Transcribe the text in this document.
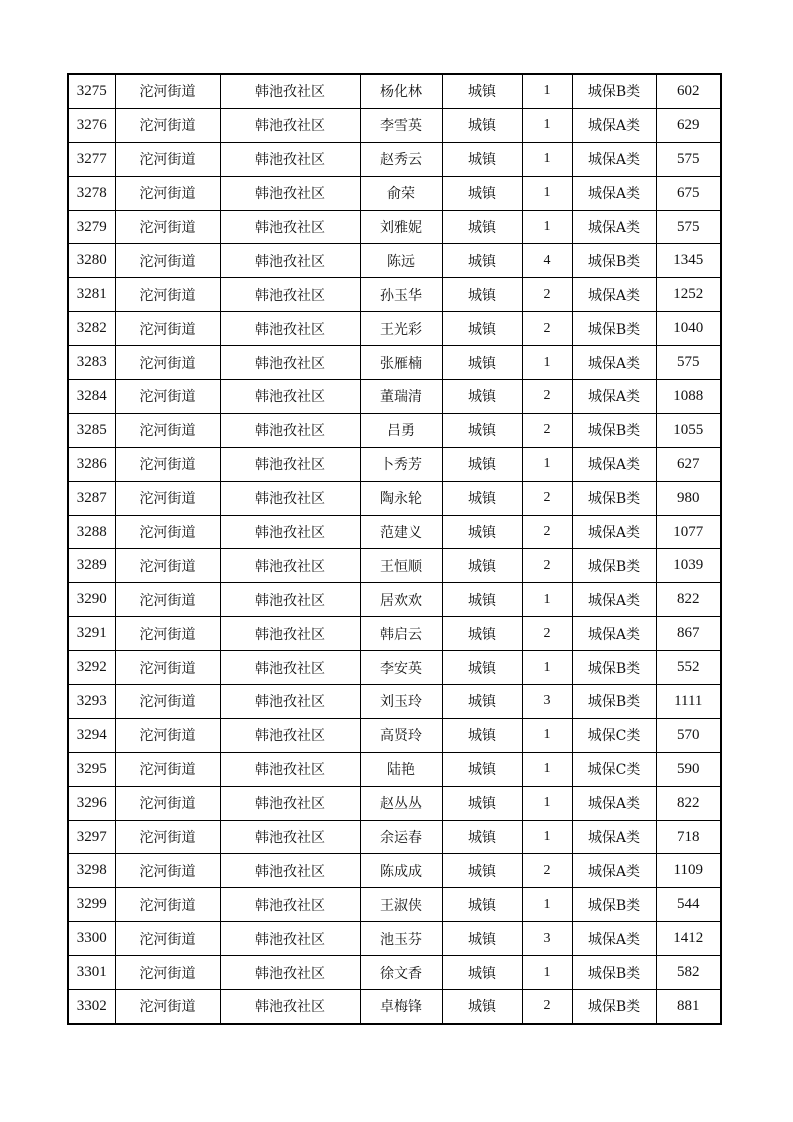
3275	沱河街道	韩池孜社区	杨化林	城镇	1	城保B类	602
3276	沱河街道	韩池孜社区	李雪英	城镇	1	城保A类	629
3277	沱河街道	韩池孜社区	赵秀云	城镇	1	城保A类	575
3278	沱河街道	韩池孜社区	俞荣	城镇	1	城保A类	675
3279	沱河街道	韩池孜社区	刘雅妮	城镇	1	城保A类	575
3280	沱河街道	韩池孜社区	陈远	城镇	4	城保B类	1345
3281	沱河街道	韩池孜社区	孙玉华	城镇	2	城保A类	1252
3282	沱河街道	韩池孜社区	王光彩	城镇	2	城保B类	1040
3283	沱河街道	韩池孜社区	张雁楠	城镇	1	城保A类	575
3284	沱河街道	韩池孜社区	董瑞清	城镇	2	城保A类	1088
3285	沱河街道	韩池孜社区	吕勇	城镇	2	城保B类	1055
3286	沱河街道	韩池孜社区	卜秀芳	城镇	1	城保A类	627
3287	沱河街道	韩池孜社区	陶永轮	城镇	2	城保B类	980
3288	沱河街道	韩池孜社区	范建义	城镇	2	城保A类	1077
3289	沱河街道	韩池孜社区	王恒顺	城镇	2	城保B类	1039
3290	沱河街道	韩池孜社区	居欢欢	城镇	1	城保A类	822
3291	沱河街道	韩池孜社区	韩启云	城镇	2	城保A类	867
3292	沱河街道	韩池孜社区	李安英	城镇	1	城保B类	552
3293	沱河街道	韩池孜社区	刘玉玲	城镇	3	城保B类	1111
3294	沱河街道	韩池孜社区	高贤玲	城镇	1	城保C类	570
3295	沱河街道	韩池孜社区	陆艳	城镇	1	城保C类	590
3296	沱河街道	韩池孜社区	赵丛丛	城镇	1	城保A类	822
3297	沱河街道	韩池孜社区	余运春	城镇	1	城保A类	718
3298	沱河街道	韩池孜社区	陈成成	城镇	2	城保A类	1109
3299	沱河街道	韩池孜社区	王淑侠	城镇	1	城保B类	544
3300	沱河街道	韩池孜社区	池玉芬	城镇	3	城保A类	1412
3301	沱河街道	韩池孜社区	徐文香	城镇	1	城保B类	582
3302	沱河街道	韩池孜社区	卓梅锋	城镇	2	城保B类	881
